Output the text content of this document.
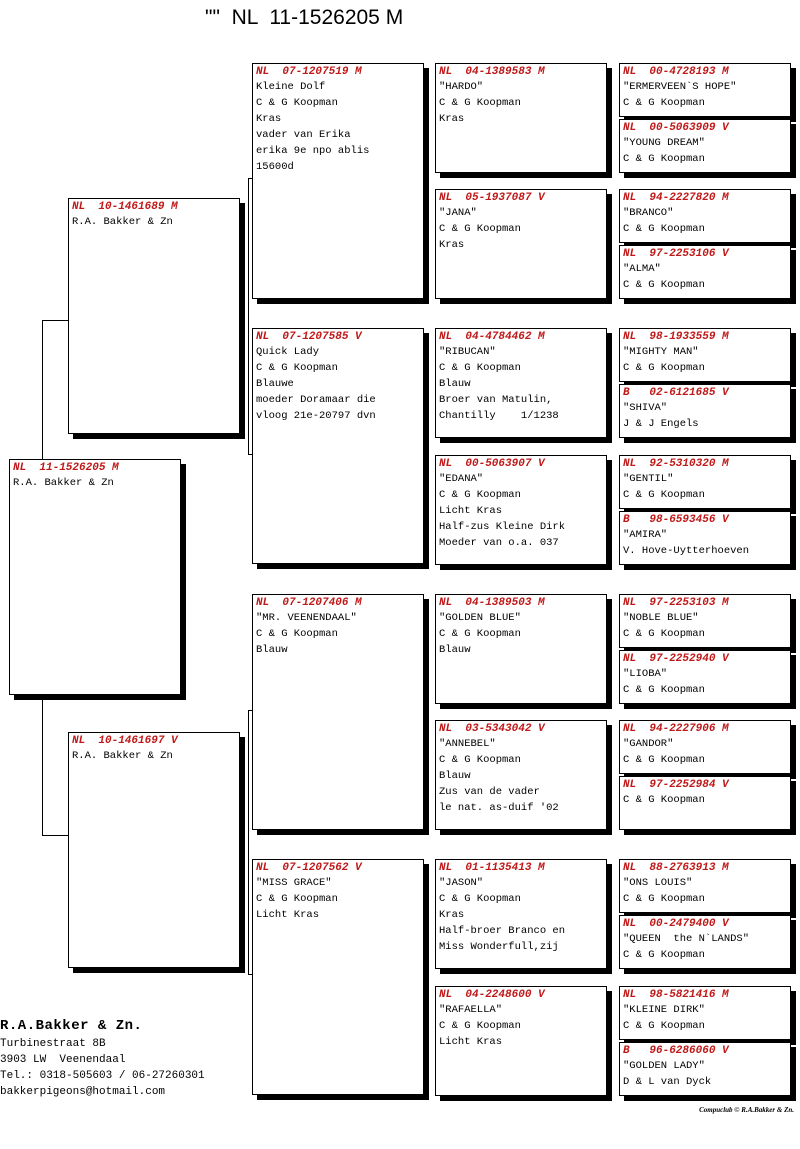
""  NL  11-1526205 M
NL  11-1526205 M
R.A. Bakker & Zn
NL  10-1461689 M
R.A. Bakker & Zn
NL  10-1461697 V
R.A. Bakker & Zn
NL  07-1207519 M
Kleine Dolf
C & G Koopman
Kras
vader van Erika
erika 9e npo ablis
15600d
NL  07-1207585 V
Quick Lady
C & G Koopman
Blauwe
moeder Doramaar die
vloog 21e-20797 dvn
NL  07-1207406 M
"MR. VEENENDAAL"
C & G Koopman
Blauw
NL  07-1207562 V
"MISS GRACE"
C & G Koopman
Licht Kras
NL  04-1389583 M
"HARDO"
C & G Koopman
Kras
NL  05-1937087 V
"JANA"
C & G Koopman
Kras
NL  04-4784462 M
"RIBUCAN"
C & G Koopman
Blauw
Broer van Matulin,
Chantilly    1/1238
NL  00-5063907 V
"EDANA"
C & G Koopman
Licht Kras
Half-zus Kleine Dirk
Moeder van o.a. 037
NL  04-1389503 M
"GOLDEN BLUE"
C & G Koopman
Blauw
NL  03-5343042 V
"ANNEBEL"
C & G Koopman
Blauw
Zus van de vader
le nat. as-duif '02
NL  01-1135413 M
"JASON"
C & G Koopman
Kras
Half-broer Branco en
Miss Wonderfull,zij
NL  04-2248600 V
"RAFAELLA"
C & G Koopman
Licht Kras
NL  00-4728193 M
"ERMERVEEN`S HOPE"
C & G Koopman
NL  00-5063909 V
"YOUNG DREAM"
C & G Koopman
NL  94-2227820 M
"BRANCO"
C & G Koopman
NL  97-2253106 V
"ALMA"
C & G Koopman
NL  98-1933559 M
"MIGHTY MAN"
C & G Koopman
B   02-6121685 V
"SHIVA"
J & J Engels
NL  92-5310320 M
"GENTIL"
C & G Koopman
B   98-6593456 V
"AMIRA"
V. Hove-Uytterhoeven
NL  97-2253103 M
"NOBLE BLUE"
C & G Koopman
NL  97-2252940 V
"LIOBA"
C & G Koopman
NL  94-2227906 M
"GANDOR"
C & G Koopman
NL  97-2252984 V
C & G Koopman
NL  88-2763913 M
"ONS LOUIS"
C & G Koopman
NL  00-2479400 V
"QUEEN  the N`LANDS"
C & G Koopman
NL  98-5821416 M
"KLEINE DIRK"
C & G Koopman
B   96-6286060 V
"GOLDEN LADY"
D & L van Dyck
R.A.Bakker & Zn.
Turbinestraat 8B
3903 LW  Veenendaal
Tel.: 0318-505603 / 06-27260301
bakkerpigeons@hotmail.com
Compuclub © R.A.Bakker & Zn.
